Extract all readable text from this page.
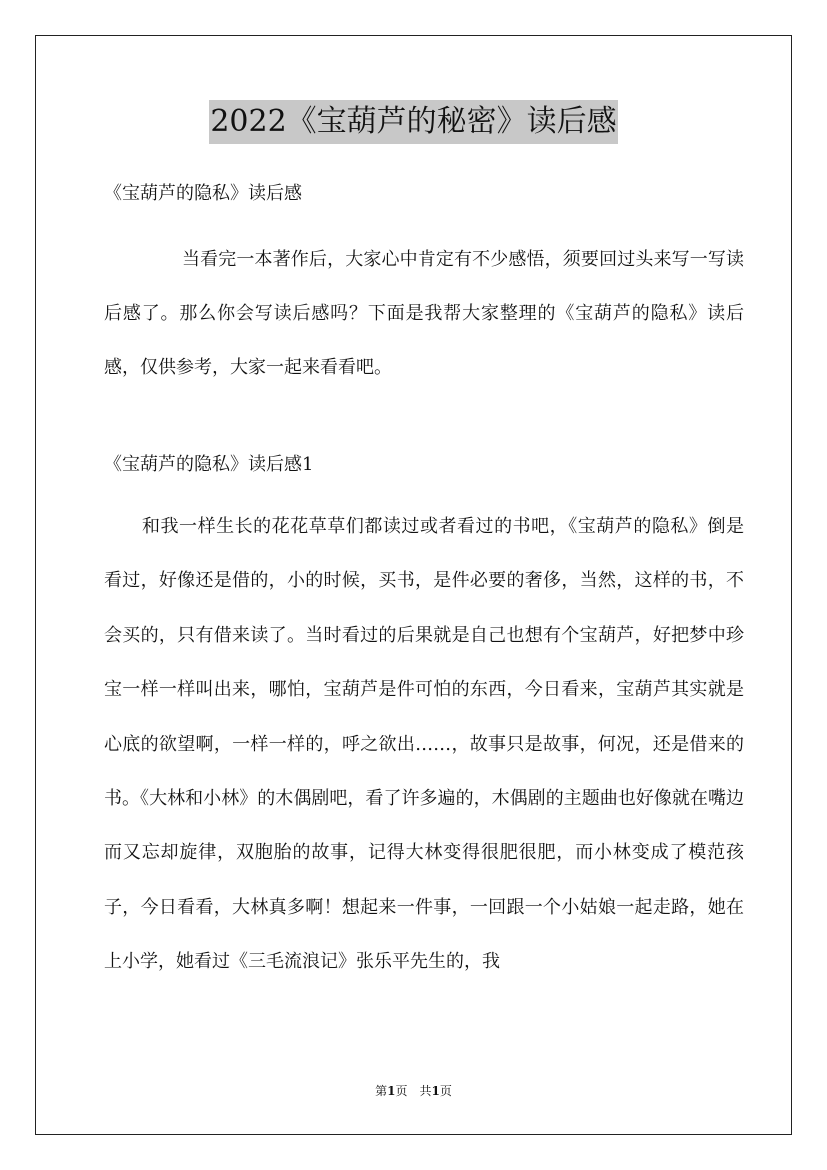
2022《宝葫芦的秘密》读后感
《宝葫芦的隐私》读后感
当看完一本著作后，大家心中肯定有不少感悟，须要回过头来写一写读后感了。那么你会写读后感吗？下面是我帮大家整理的《宝葫芦的隐私》读后感，仅供参考，大家一起来看看吧。
《宝葫芦的隐私》读后感1
和我一样生长的花花草草们都读过或者看过的书吧，《宝葫芦的隐私》倒是看过，好像还是借的，小的时候，买书，是件必要的奢侈，当然，这样的书，不会买的，只有借来读了。当时看过的后果就是自己也想有个宝葫芦，好把梦中珍宝一样一样叫出来，哪怕，宝葫芦是件可怕的东西，今日看来，宝葫芦其实就是心底的欲望啊，一样一样的，呼之欲出……，故事只是故事，何况，还是借来的书。《大林和小林》的木偶剧吧，看了许多遍的，木偶剧的主题曲也好像就在嘴边而又忘却旋律，双胞胎的故事，记得大林变得很肥很肥，而小林变成了模范孩子，今日看看，大林真多啊！想起来一件事，一回跟一个小姑娘一起走路，她在上小学，她看过《三毛流浪记》张乐平先生的，我
第1页　共1页
